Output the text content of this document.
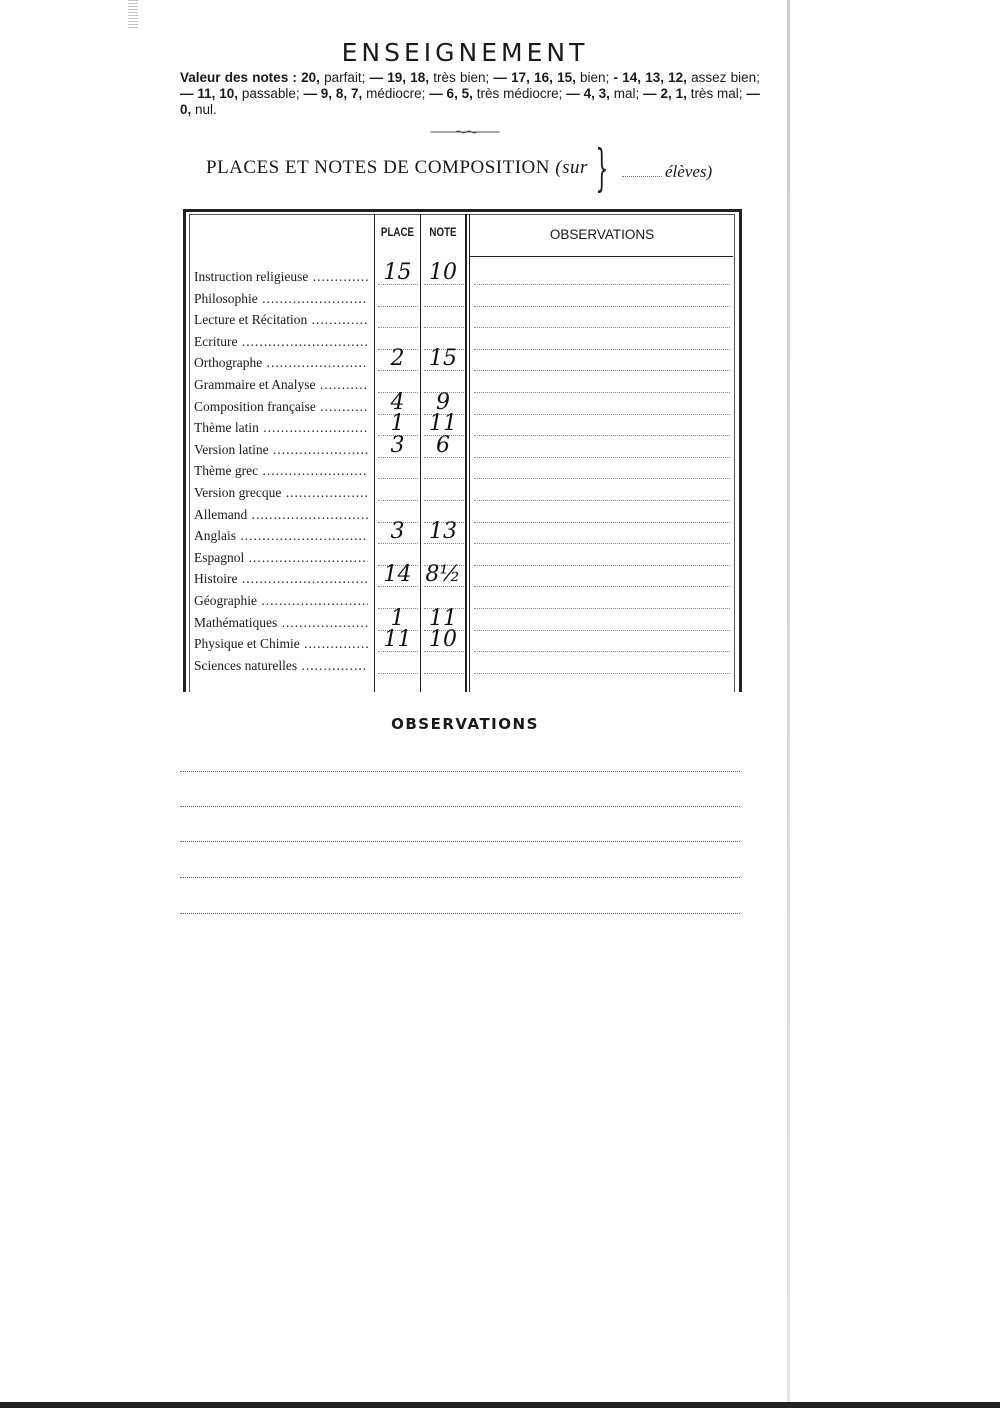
ENSEIGNEMENT
Valeur des notes : 20, parfait; — 19, 18, très bien; — 17, 16, 15, bien; - 14, 13, 12, assez bien; — 11, 10, passable; — 9, 8, 7, médiocre; — 6, 5, très médiocre; — 4, 3, mal; — 2, 1, très mal; — 0, nul.
PLACES ET NOTES DE COMPOSITION (sur }	élèves)
PLACE	NOTE	OBSERVATIONS
Instruction religieuse .....	15 10
Philosophie .....
Lecture et Récitation .....
Ecriture .....
Orthographe .....	2	15
Grammaire et Analyse .....
Composition française .....	4	9
Thème latin .....	1	11
Version latine .....	3	6
Thème grec .....
Version grecque .....
Allemand .....
Anglais .....	3	13
Espagnol .....
Histoire .....	14 8½
Géographie .....
Mathématiques .....	1	11
Physique et Chimie .....	11 10
Sciences naturelles .....
OBSERVATIONS
